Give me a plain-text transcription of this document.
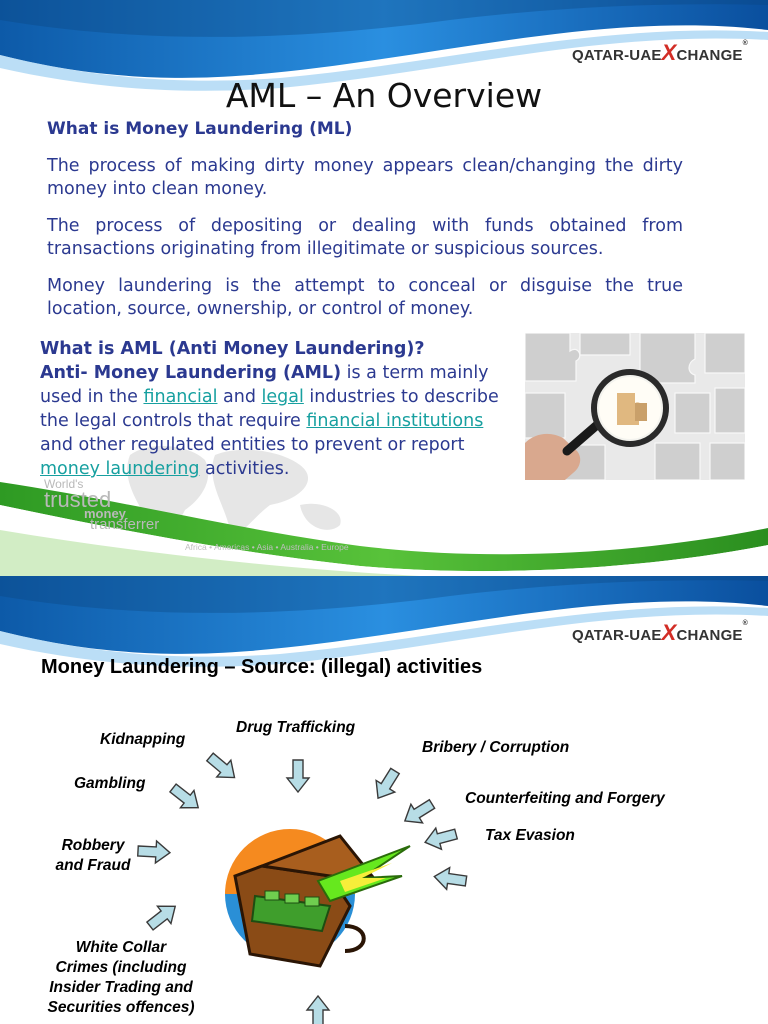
QATAR-UAEXCHANGE®
AML – An Overview
What is Money Laundering (ML)
The process of making dirty money appears clean/changing the dirty money into clean money.
The process of depositing or dealing with funds obtained from transactions originating from illegitimate or suspicious sources.
Money laundering is the attempt to conceal or disguise the true location, source, ownership, or control of money.
What is AML (Anti Money Laundering)?
Anti- Money Laundering (AML) is a term mainly used in the financial and legal industries to describe the legal controls that require financial institutions and other regulated entities to prevent or report money laundering activities.
World's
trusted
money
transferrer
Africa • Americas • Asia • Australia • Europe
QATAR-UAEXCHANGE®
Money Laundering – Source: (illegal) activities
Kidnapping
Drug Trafficking
Bribery / Corruption
Gambling
Counterfeiting and Forgery
Tax Evasion
Robbery
and Fraud
White Collar
Crimes (including
Insider Trading and
Securities offences)
